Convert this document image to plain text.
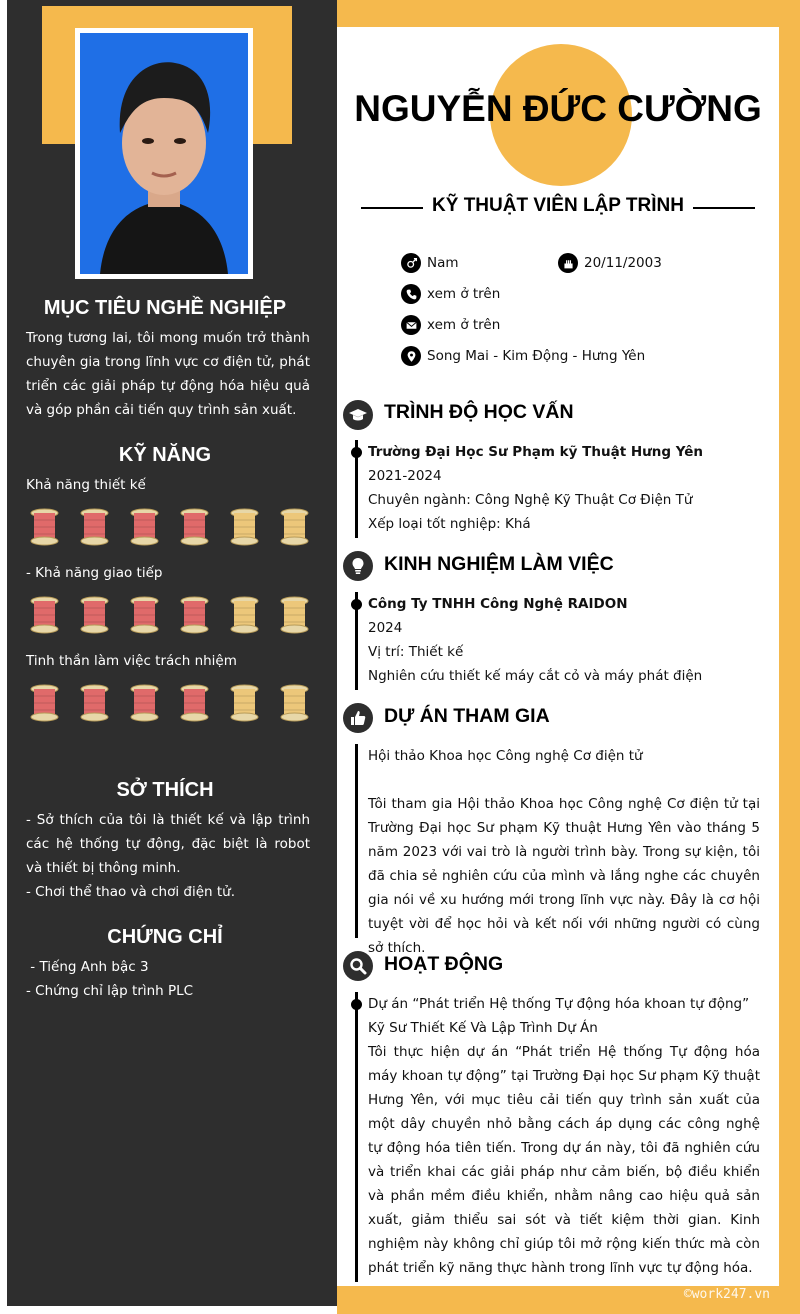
MỤC TIÊU NGHỀ NGHIỆP
Trong tương lai, tôi mong muốn trở thành chuyên gia trong lĩnh vực cơ điện tử, phát triển các giải pháp tự động hóa hiệu quả và góp phần cải tiến quy trình sản xuất.
KỸ NĂNG
Khả năng thiết kế
- Khả năng giao tiếp
Tinh thần làm việc trách nhiệm
SỞ THÍCH
- Sở thích của tôi là thiết kế và lập trình các hệ thống tự động, đặc biệt là robot và thiết bị thông minh.
- Chơi thể thao và chơi điện tử.
CHỨNG CHỈ
- Tiếng Anh bậc 3
- Chứng chỉ lập trình PLC
NGUYỄN ĐỨC CƯỜNG
KỸ THUẬT VIÊN LẬP TRÌNH
Nam	20/11/2003
xem ở trên
xem ở trên
Song Mai - Kim Động - Hưng Yên
TRÌNH ĐỘ HỌC VẤN
Trường Đại Học Sư Phạm kỹ Thuật Hưng Yên
2021-2024
Chuyên ngành: Công Nghệ Kỹ Thuật Cơ Điện Tử
Xếp loại tốt nghiệp: Khá
KINH NGHIỆM LÀM VIỆC
Công Ty TNHH Công Nghệ RAIDON
2024
Vị trí: Thiết kế
Nghiên cứu thiết kế máy cắt cỏ và máy phát điện
DỰ ÁN THAM GIA
Hội thảo Khoa học Công nghệ Cơ điện tử
Tôi tham gia Hội thảo Khoa học Công nghệ Cơ điện tử tại Trường Đại học Sư phạm Kỹ thuật Hưng Yên vào tháng 5 năm 2023 với vai trò là người trình bày. Trong sự kiện, tôi đã chia sẻ nghiên cứu của mình và lắng nghe các chuyên gia nói về xu hướng mới trong lĩnh vực này. Đây là cơ hội tuyệt vời để học hỏi và kết nối với những người có cùng sở thích.
HOẠT ĐỘNG
Dự án “Phát triển Hệ thống Tự động hóa khoan tự động”
Kỹ Sư Thiết Kế Và Lập Trình Dự Án
Tôi thực hiện dự án “Phát triển Hệ thống Tự động hóa máy khoan tự động” tại Trường Đại học Sư phạm Kỹ thuật Hưng Yên, với mục tiêu cải tiến quy trình sản xuất của một dây chuyền nhỏ bằng cách áp dụng các công nghệ tự động hóa tiên tiến. Trong dự án này, tôi đã nghiên cứu và triển khai các giải pháp như cảm biến, bộ điều khiển và phần mềm điều khiển, nhằm nâng cao hiệu quả sản xuất, giảm thiểu sai sót và tiết kiệm thời gian. Kinh nghiệm này không chỉ giúp tôi mở rộng kiến thức mà còn phát triển kỹ năng thực hành trong lĩnh vực tự động hóa.
©work247.vn
